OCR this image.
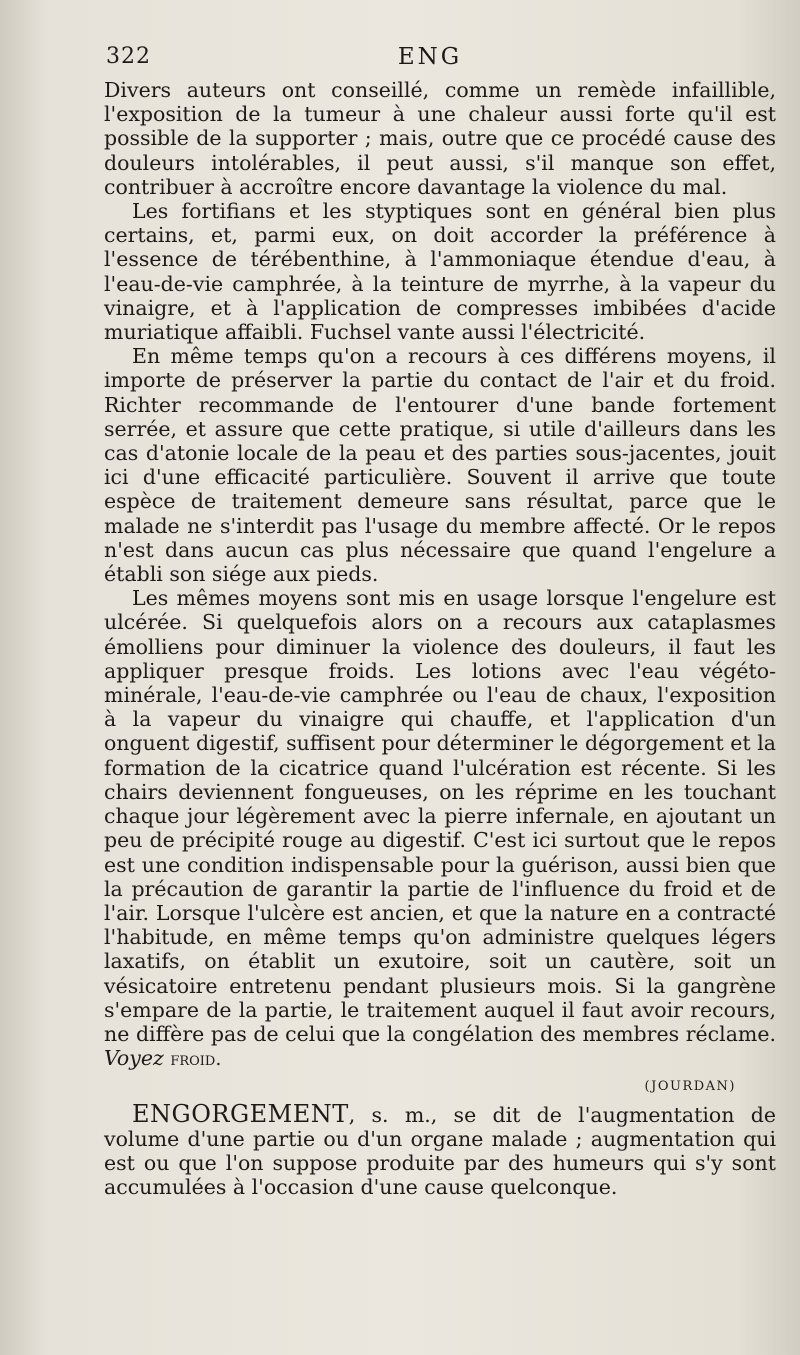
322	ENG

Divers auteurs ont conseillé, comme un remède infaillible, l'exposition de la tumeur à une chaleur aussi forte qu'il est possible de la supporter ; mais, outre que ce procédé cause des douleurs intolérables, il peut aussi, s'il manque son effet, contribuer à accroître encore davantage la violence du mal.

Les fortifians et les styptiques sont en général bien plus certains, et, parmi eux, on doit accorder la préférence à l'essence de térébenthine, à l'ammoniaque étendue d'eau, à l'eau-de-vie camphrée, à la teinture de myrrhe, à la vapeur du vinaigre, et à l'application de compresses imbibées d'acide muriatique affaibli. Fuchsel vante aussi l'électricité.

En même temps qu'on a recours à ces différens moyens, il importe de préserver la partie du contact de l'air et du froid. Richter recommande de l'entourer d'une bande fortement serrée, et assure que cette pratique, si utile d'ailleurs dans les cas d'atonie locale de la peau et des parties sous-jacentes, jouit ici d'une efficacité particulière. Souvent il arrive que toute espèce de traitement demeure sans résultat, parce que le malade ne s'interdit pas l'usage du membre affecté. Or le repos n'est dans aucun cas plus nécessaire que quand l'engelure a établi son siége aux pieds.

Les mêmes moyens sont mis en usage lorsque l'engelure est ulcérée. Si quelquefois alors on a recours aux cataplasmes émolliens pour diminuer la violence des douleurs, il faut les appliquer presque froids. Les lotions avec l'eau végéto-minérale, l'eau-de-vie camphrée ou l'eau de chaux, l'exposition à la vapeur du vinaigre qui chauffe, et l'application d'un onguent digestif, suffisent pour déterminer le dégorgement et la formation de la cicatrice quand l'ulcération est récente. Si les chairs deviennent fongueuses, on les réprime en les touchant chaque jour légèrement avec la pierre infernale, en ajoutant un peu de précipité rouge au digestif. C'est ici surtout que le repos est une condition indispensable pour la guérison, aussi bien que la précaution de garantir la partie de l'influence du froid et de l'air. Lorsque l'ulcère est ancien, et que la nature en a contracté l'habitude, en même temps qu'on administre quelques légers laxatifs, on établit un exutoire, soit un cautère, soit un vésicatoire entretenu pendant plusieurs mois. Si la gangrène s'empare de la partie, le traitement auquel il faut avoir recours, ne diffère pas de celui que la congélation des membres réclame. Voyez froid.

(JOURDAN)

ENGORGEMENT, s. m., se dit de l'augmentation de volume d'une partie ou d'un organe malade ; augmentation qui est ou que l'on suppose produite par des humeurs qui s'y sont accumulées à l'occasion d'une cause quelconque.
